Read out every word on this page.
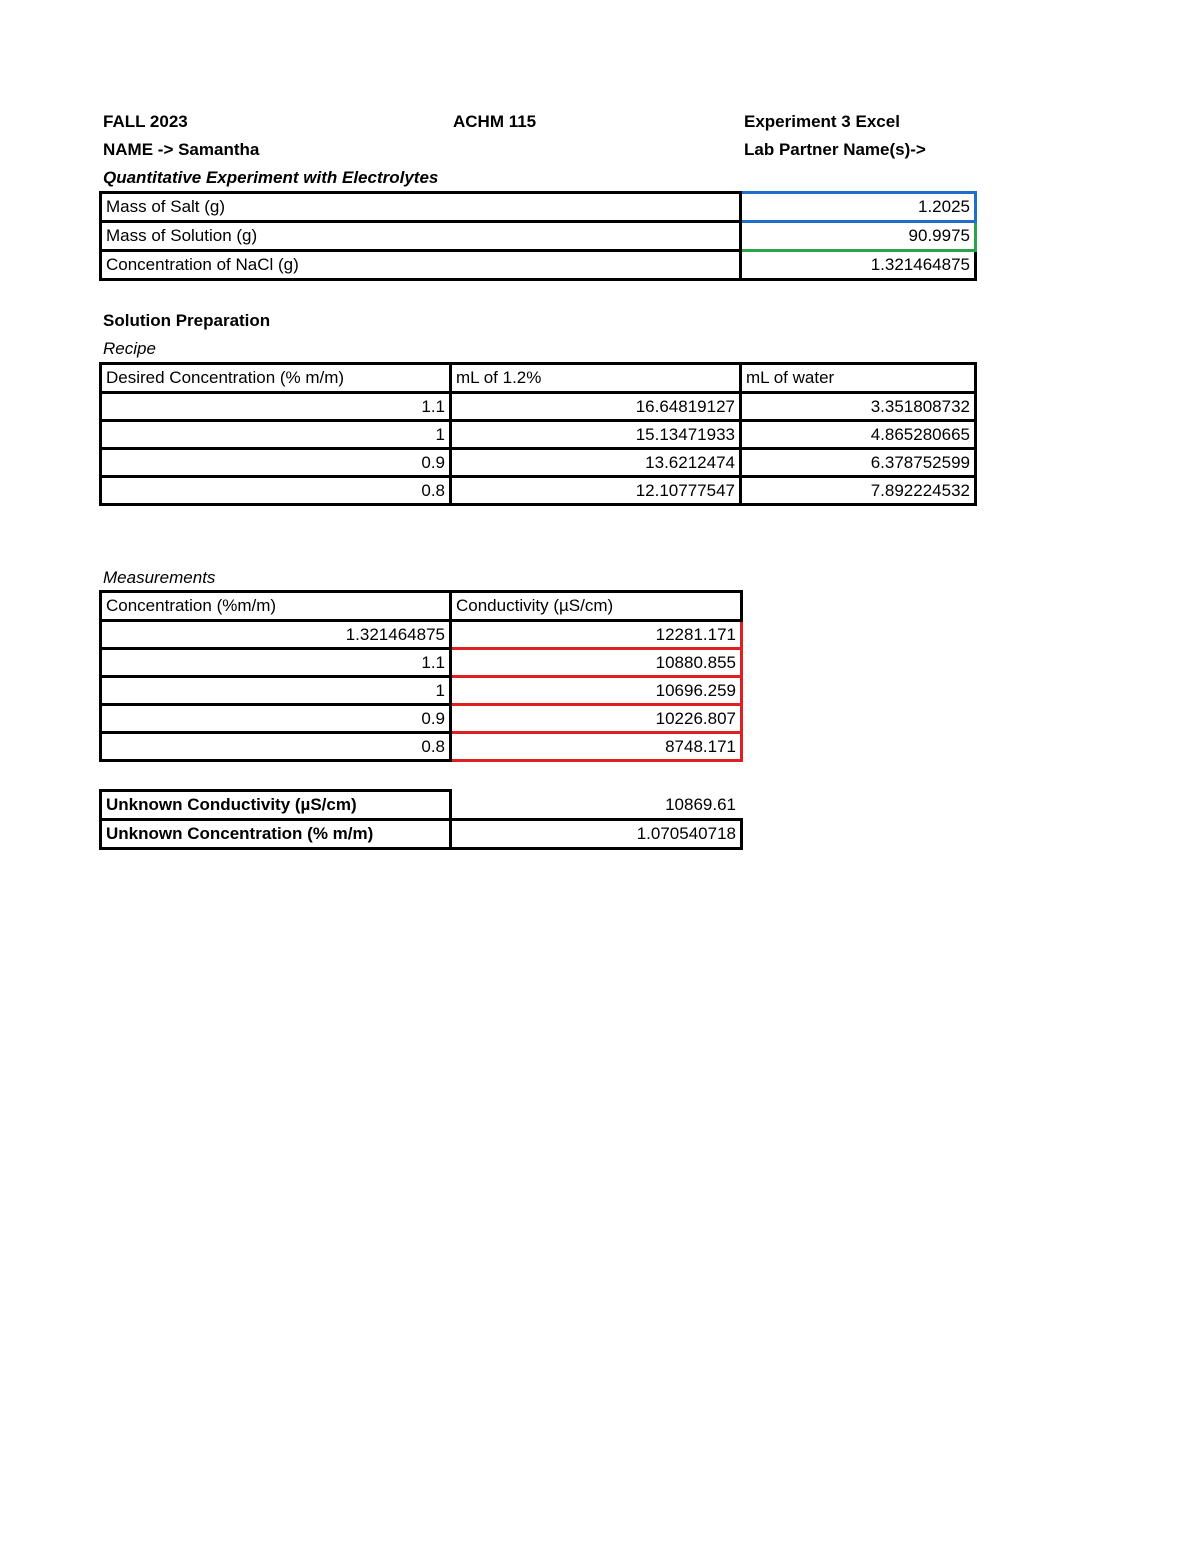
FALL 2023	ACHM 115	Experiment 3 Excel
NAME -> Samantha	Lab Partner Name(s)->
Quantitative Experiment with Electrolytes
Mass of Salt (g)	1.2025
Mass of Solution (g)	90.9975
Concentration of NaCl (g)	1.321464875
Solution Preparation
Recipe
Desired Concentration (% m/m)	mL of 1.2%	mL of water
1.1	16.64819127	3.351808732
1	15.13471933	4.865280665
0.9	13.6212474	6.378752599
0.8	12.10777547	7.892224532
Measurements
Concentration (%m/m)	Conductivity (µS/cm)
1.321464875	12281.171
1.1	10880.855
1	10696.259
0.9	10226.807
0.8	8748.171
Unknown Conductivity (µS/cm)	10869.61
Unknown Concentration (% m/m)	1.070540718
